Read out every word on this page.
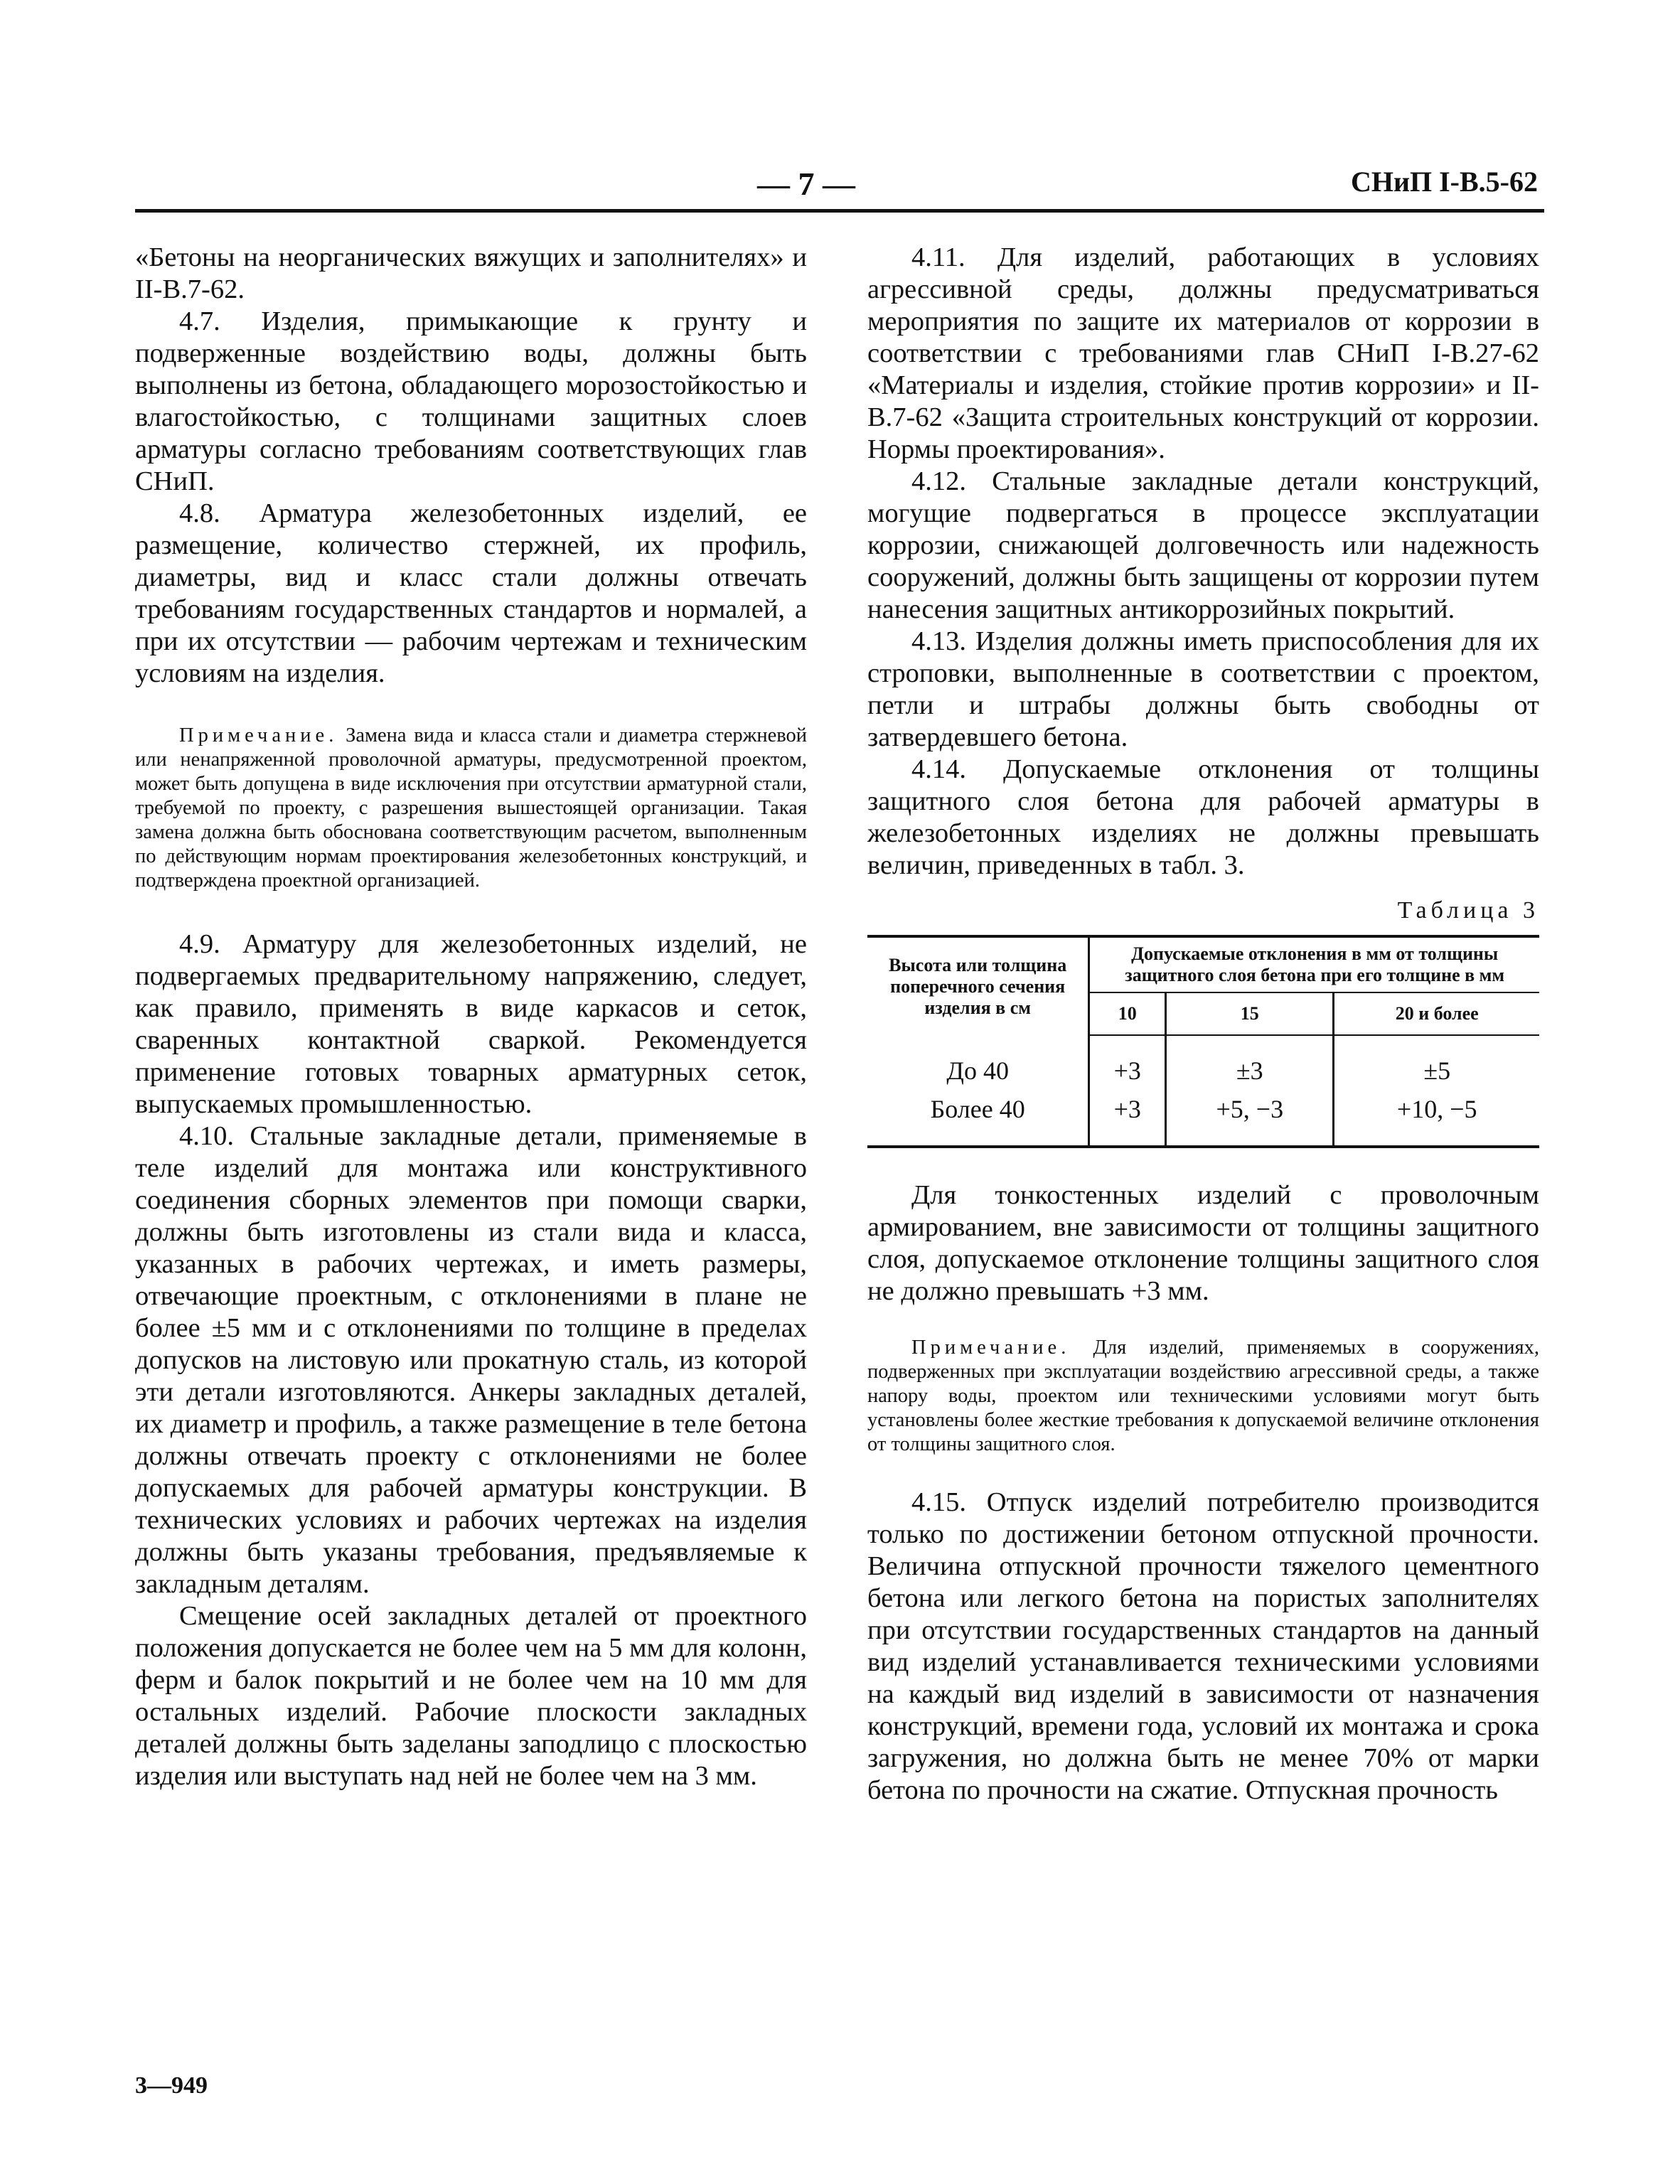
— 7 —	СНиП I-В.5-62

«Бетоны на неорганических вяжущих и заполнителях» и II-В.7-62.

4.7. Изделия, примыкающие к грунту и подверженные воздействию воды, должны быть выполнены из бетона, обладающего морозостойкостью и влагостойкостью, с толщинами защитных слоев арматуры согласно требованиям соответствующих глав СНиП.

4.8. Арматура железобетонных изделий, ее размещение, количество стержней, их профиль, диаметры, вид и класс стали должны отвечать требованиям государственных стандартов и нормалей, а при их отсутствии — рабочим чертежам и техническим условиям на изделия.

Примечание. Замена вида и класса стали и диаметра стержневой или ненапряженной проволочной арматуры, предусмотренной проектом, может быть допущена в виде исключения при отсутствии арматурной стали, требуемой по проекту, с разрешения вышестоящей организации. Такая замена должна быть обоснована соответствующим расчетом, выполненным по действующим нормам проектирования железобетонных конструкций, и подтверждена проектной организацией.

4.9. Арматуру для железобетонных изделий, не подвергаемых предварительному напряжению, следует, как правило, применять в виде каркасов и сеток, сваренных контактной сваркой. Рекомендуется применение готовых товарных арматурных сеток, выпускаемых промышленностью.

4.10. Стальные закладные детали, применяемые в теле изделий для монтажа или конструктивного соединения сборных элементов при помощи сварки, должны быть изготовлены из стали вида и класса, указанных в рабочих чертежах, и иметь размеры, отвечающие проектным, с отклонениями в плане не более ±5 мм и с отклонениями по толщине в пределах допусков на листовую или прокатную сталь, из которой эти детали изготовляются. Анкеры закладных деталей, их диаметр и профиль, а также размещение в теле бетона должны отвечать проекту с отклонениями не более допускаемых для рабочей арматуры конструкции. В технических условиях и рабочих чертежах на изделия должны быть указаны требования, предъявляемые к закладным деталям.

Смещение осей закладных деталей от проектного положения допускается не более чем на 5 мм для колонн, ферм и балок покрытий и не более чем на 10 мм для остальных изделий. Рабочие плоскости закладных деталей должны быть заделаны заподлицо с плоскостью изделия или выступать над ней не более чем на 3 мм.

4.11. Для изделий, работающих в условиях агрессивной среды, должны предусматриваться мероприятия по защите их материалов от коррозии в соответствии с требованиями глав СНиП I-В.27-62 «Материалы и изделия, стойкие против коррозии» и II-В.7-62 «Защита строительных конструкций от коррозии. Нормы проектирования».

4.12. Стальные закладные детали конструкций, могущие подвергаться в процессе эксплуатации коррозии, снижающей долговечность или надежность сооружений, должны быть защищены от коррозии путем нанесения защитных антикоррозийных покрытий.

4.13. Изделия должны иметь приспособления для их строповки, выполненные в соответствии с проектом, петли и штрабы должны быть свободны от затвердевшего бетона.

4.14. Допускаемые отклонения от толщины защитного слоя бетона для рабочей арматуры в железобетонных изделиях не должны превышать величин, приведенных в табл. 3.

Таблица 3
Высота или толщина поперечного сечения изделия в см	Допускаемые отклонения в мм от толщины защитного слоя бетона при его толщине в мм		
	10	15	20 и более
До 40	+3	±3	±5
Более 40	+3	+5, −3	+10, −5

Для тонкостенных изделий с проволочным армированием, вне зависимости от толщины защитного слоя, допускаемое отклонение толщины защитного слоя не должно превышать +3 мм.

Примечание. Для изделий, применяемых в сооружениях, подверженных при эксплуатации воздействию агрессивной среды, а также напору воды, проектом или техническими условиями могут быть установлены более жесткие требования к допускаемой величине отклонения от толщины защитного слоя.

4.15. Отпуск изделий потребителю производится только по достижении бетоном отпускной прочности. Величина отпускной прочности тяжелого цементного бетона или легкого бетона на пористых заполнителях при отсутствии государственных стандартов на данный вид изделий устанавливается техническими условиями на каждый вид изделий в зависимости от назначения конструкций, времени года, условий их монтажа и срока загружения, но должна быть не менее 70% от марки бетона по прочности на сжатие. Отпускная прочность

3—949
